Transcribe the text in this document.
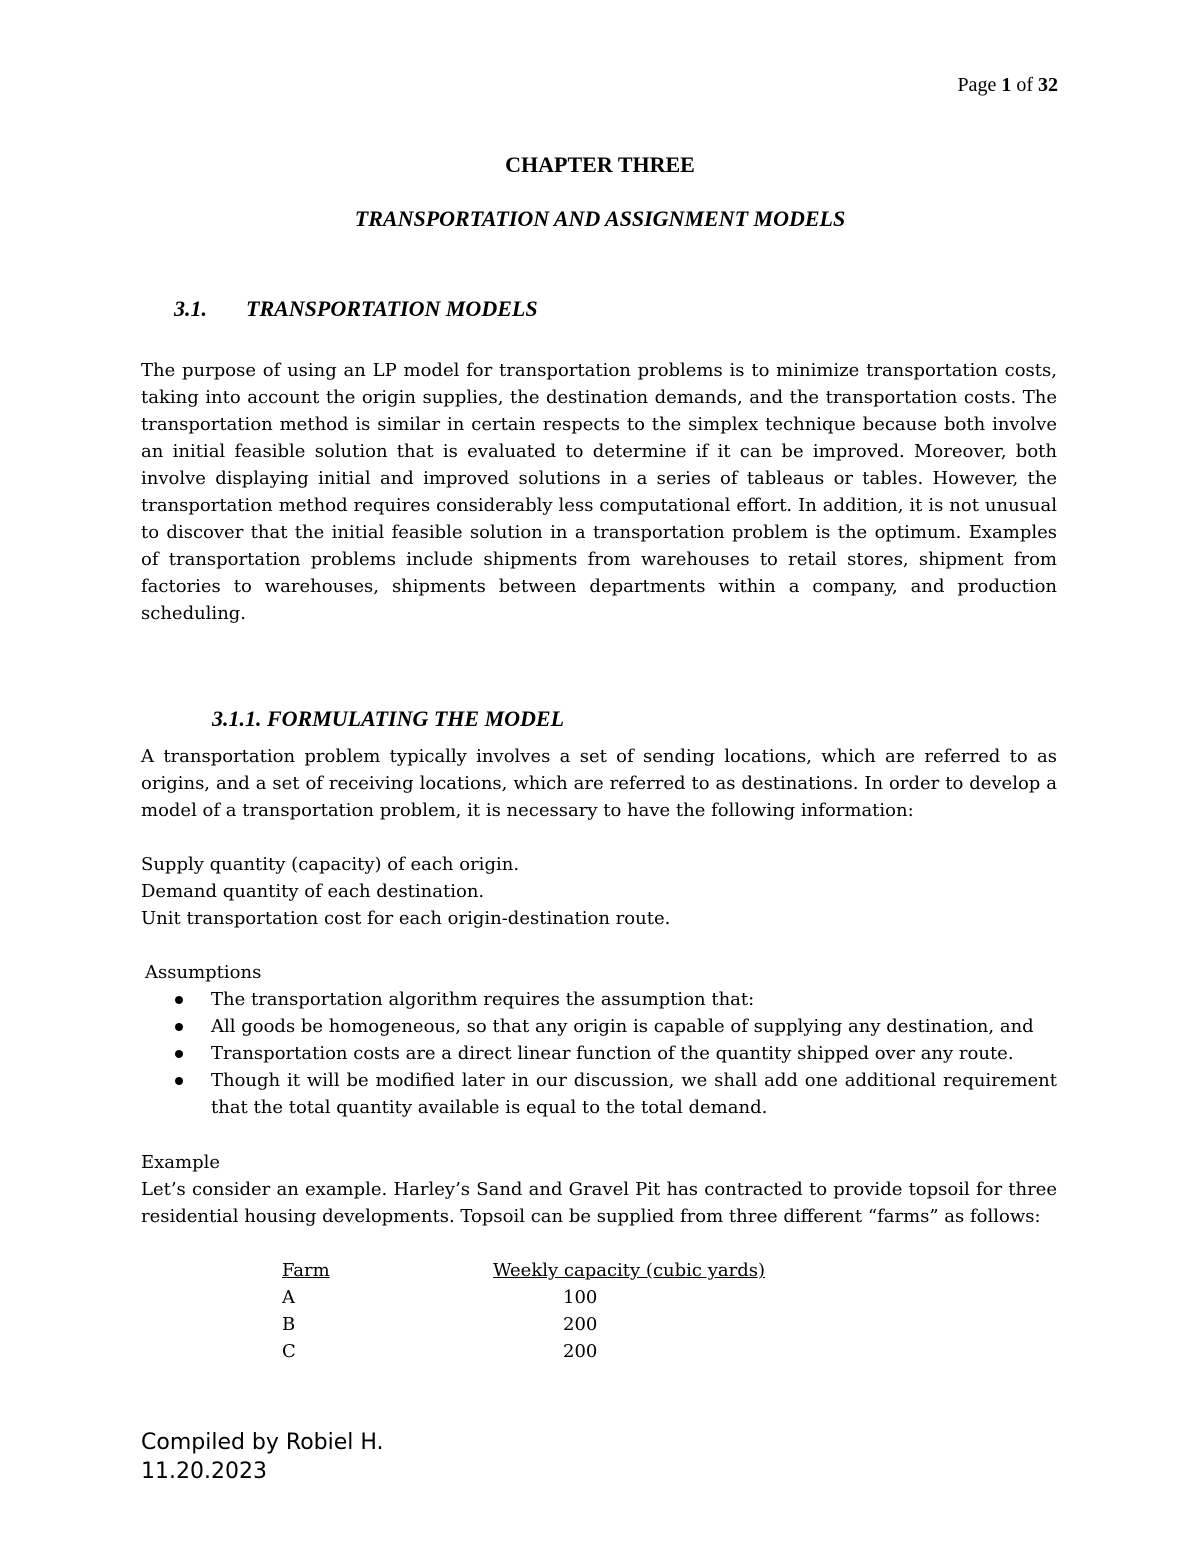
Page 1 of 32
CHAPTER THREE
TRANSPORTATION AND ASSIGNMENT MODELS
3.1. TRANSPORTATION MODELS

The purpose of using an LP model for transportation problems is to minimize transportation costs, taking into account the origin supplies, the destination demands, and the transportation costs. The transportation method is similar in certain respects to the simplex technique because both involve an initial feasible solution that is evaluated to determine if it can be improved. Moreover, both involve displaying initial and improved solutions in a series of tableaus or tables. However, the transportation method requires considerably less computational effort. In addition, it is not unusual to discover that the initial feasible solution in a transportation problem is the optimum. Examples of transportation problems include shipments from warehouses to retail stores, shipment from factories to warehouses, shipments between departments within a company, and production scheduling.

3.1.1. FORMULATING THE MODEL

A transportation problem typically involves a set of sending locations, which are referred to as origins, and a set of receiving locations, which are referred to as destinations. In order to develop a model of a transportation problem, it is necessary to have the following information:

Supply quantity (capacity) of each origin.
Demand quantity of each destination.
Unit transportation cost for each origin-destination route.
Assumptions
The transportation algorithm requires the assumption that:
All goods be homogeneous, so that any origin is capable of supplying any destination, and
Transportation costs are a direct linear function of the quantity shipped over any route.
Though it will be modified later in our discussion, we shall add one additional requirement that the total quantity available is equal to the total demand.
Example

Let’s consider an example. Harley’s Sand and Gravel Pit has contracted to provide topsoil for three residential housing developments. Topsoil can be supplied from three different “farms” as follows:

Farm	Weekly capacity (cubic yards)
A	100
B	200
C	200
Compiled by Robiel H.
11.20.2023
